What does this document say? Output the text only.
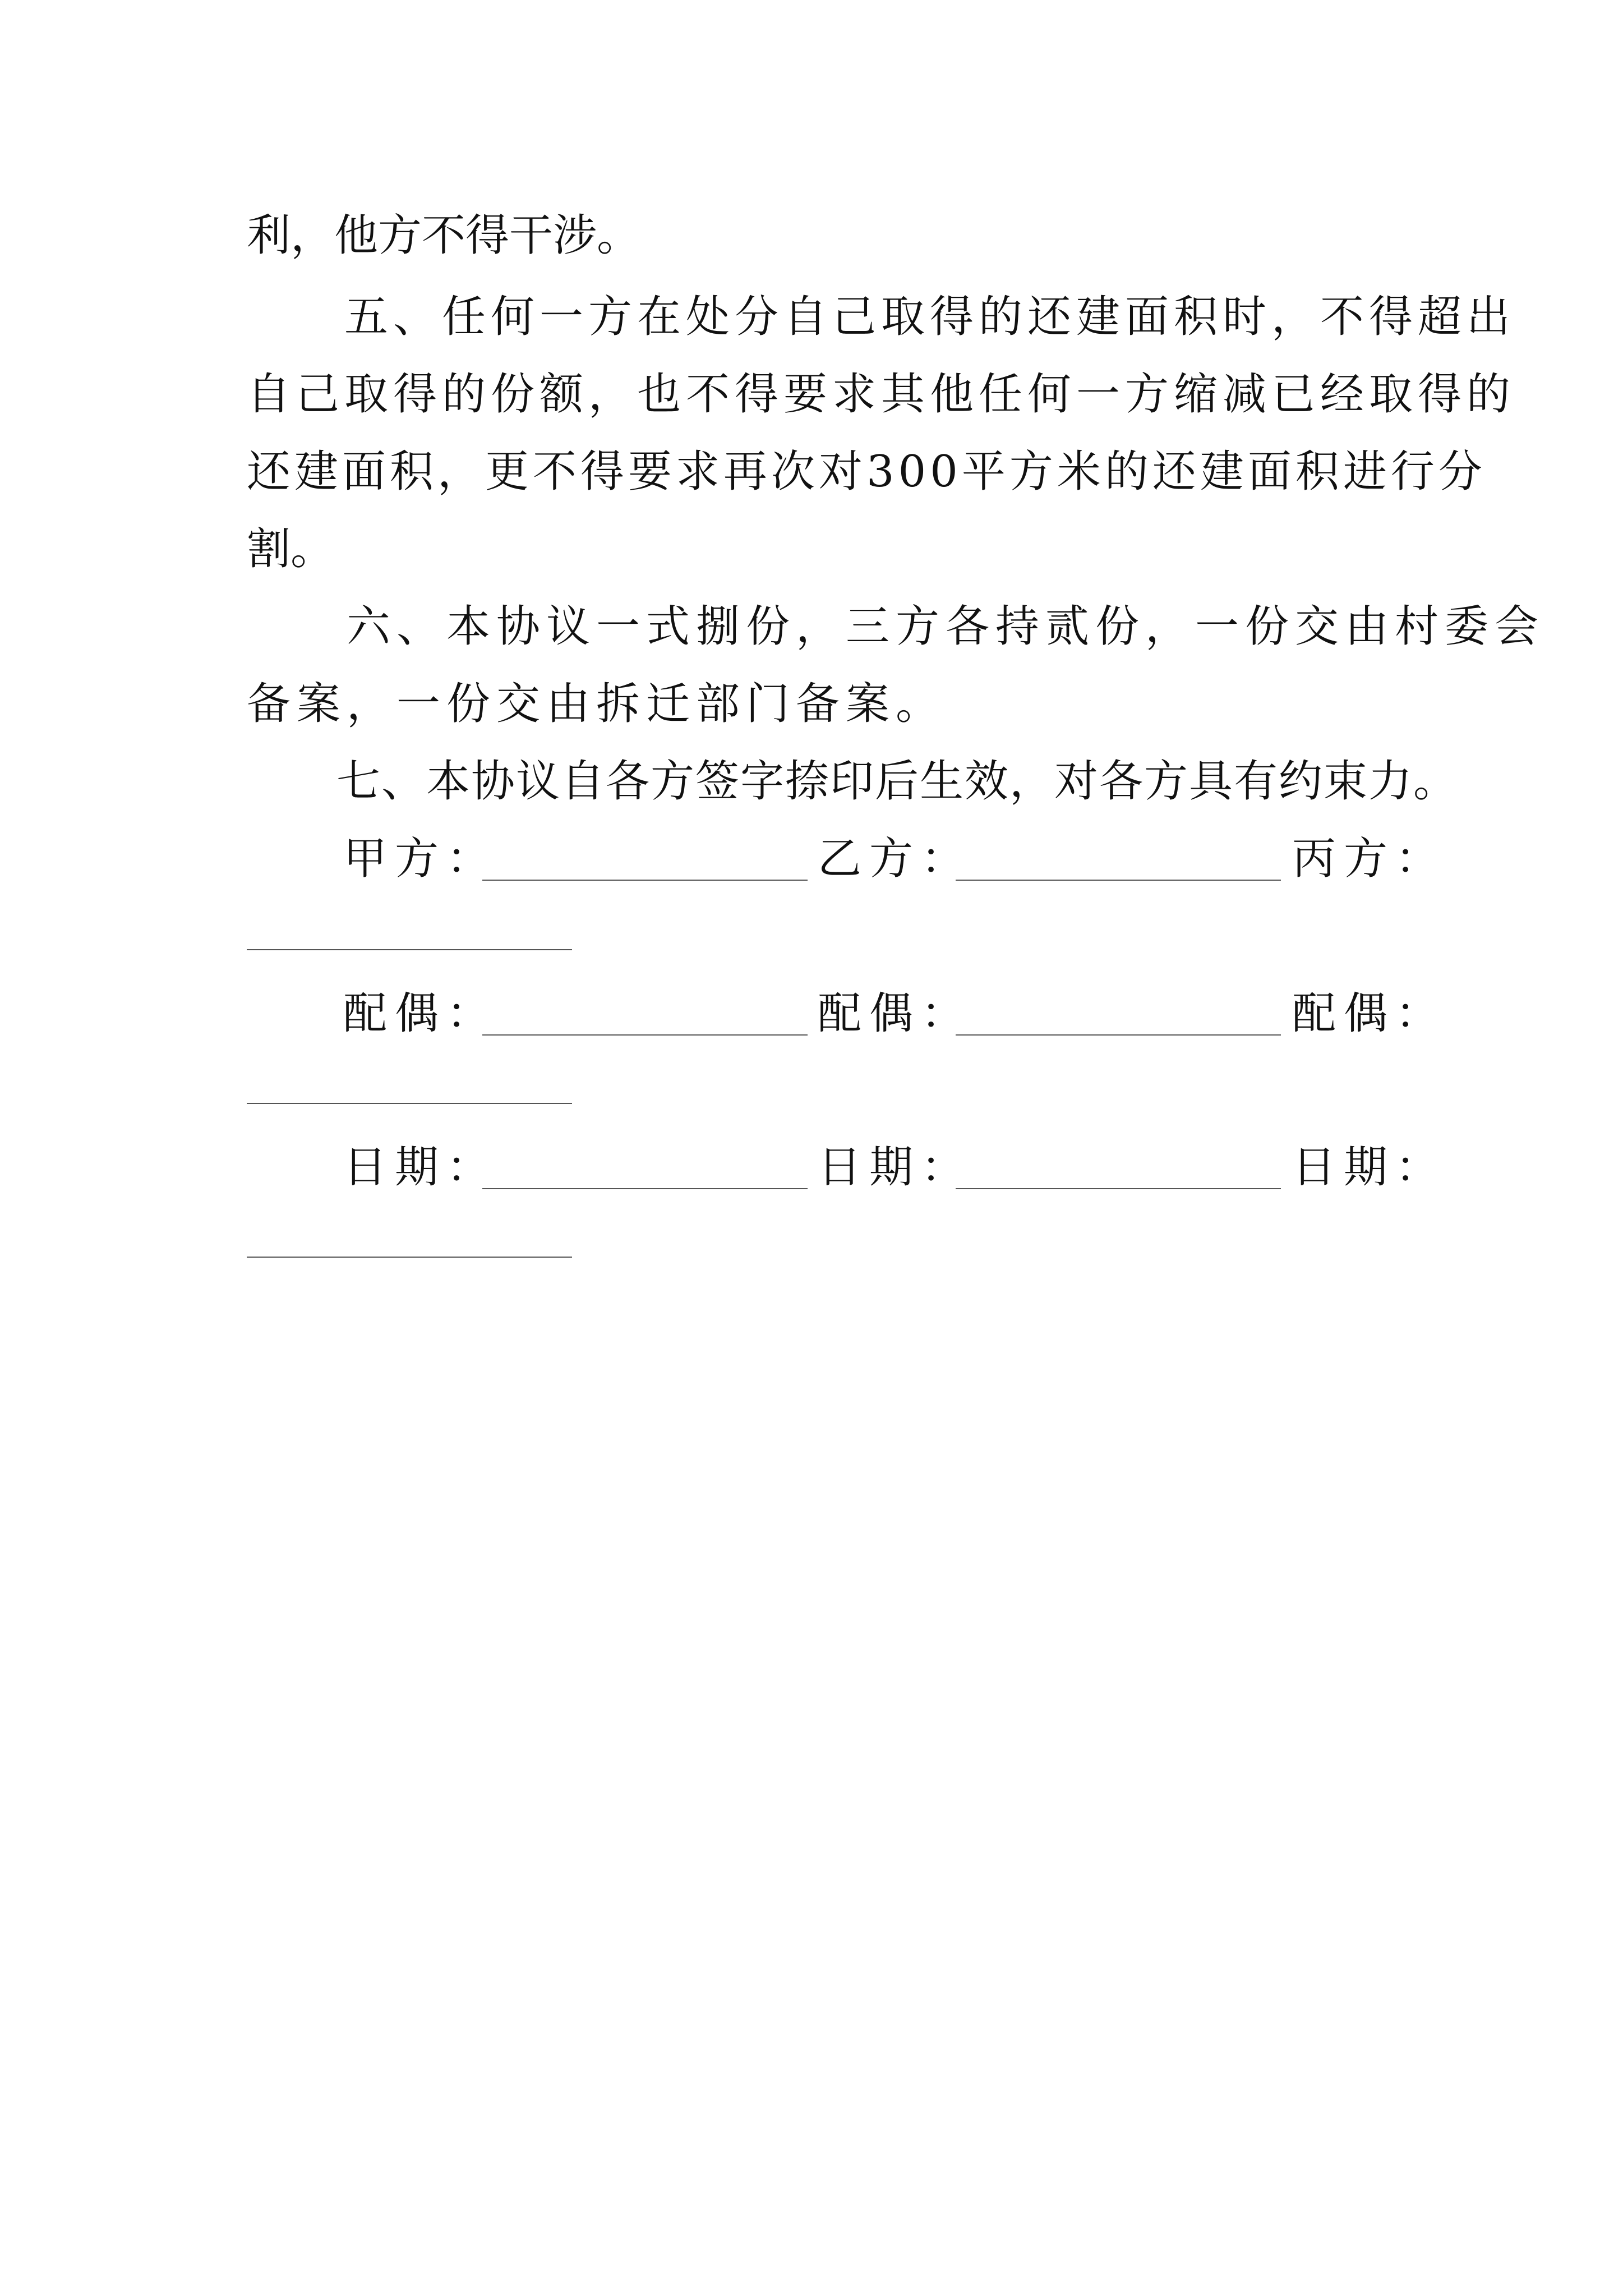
利，他方不得干涉。
　　五、任何一方在处分自己取得的还建面积时，不得超出
自己取得的份额，也不得要求其他任何一方缩减已经取得的
还建面积，更不得要求再次对300平方米的还建面积进行分
割。
　　六、本协议一式捌份，三方各持贰份，一份交由村委会
备案，一份交由拆迁部门备案。
　　七、本协议自各方签字捺印后生效，对各方具有约束力。
甲方：	乙方：	丙方：
配偶：	配偶：	配偶：
日期：	日期：	日期：
